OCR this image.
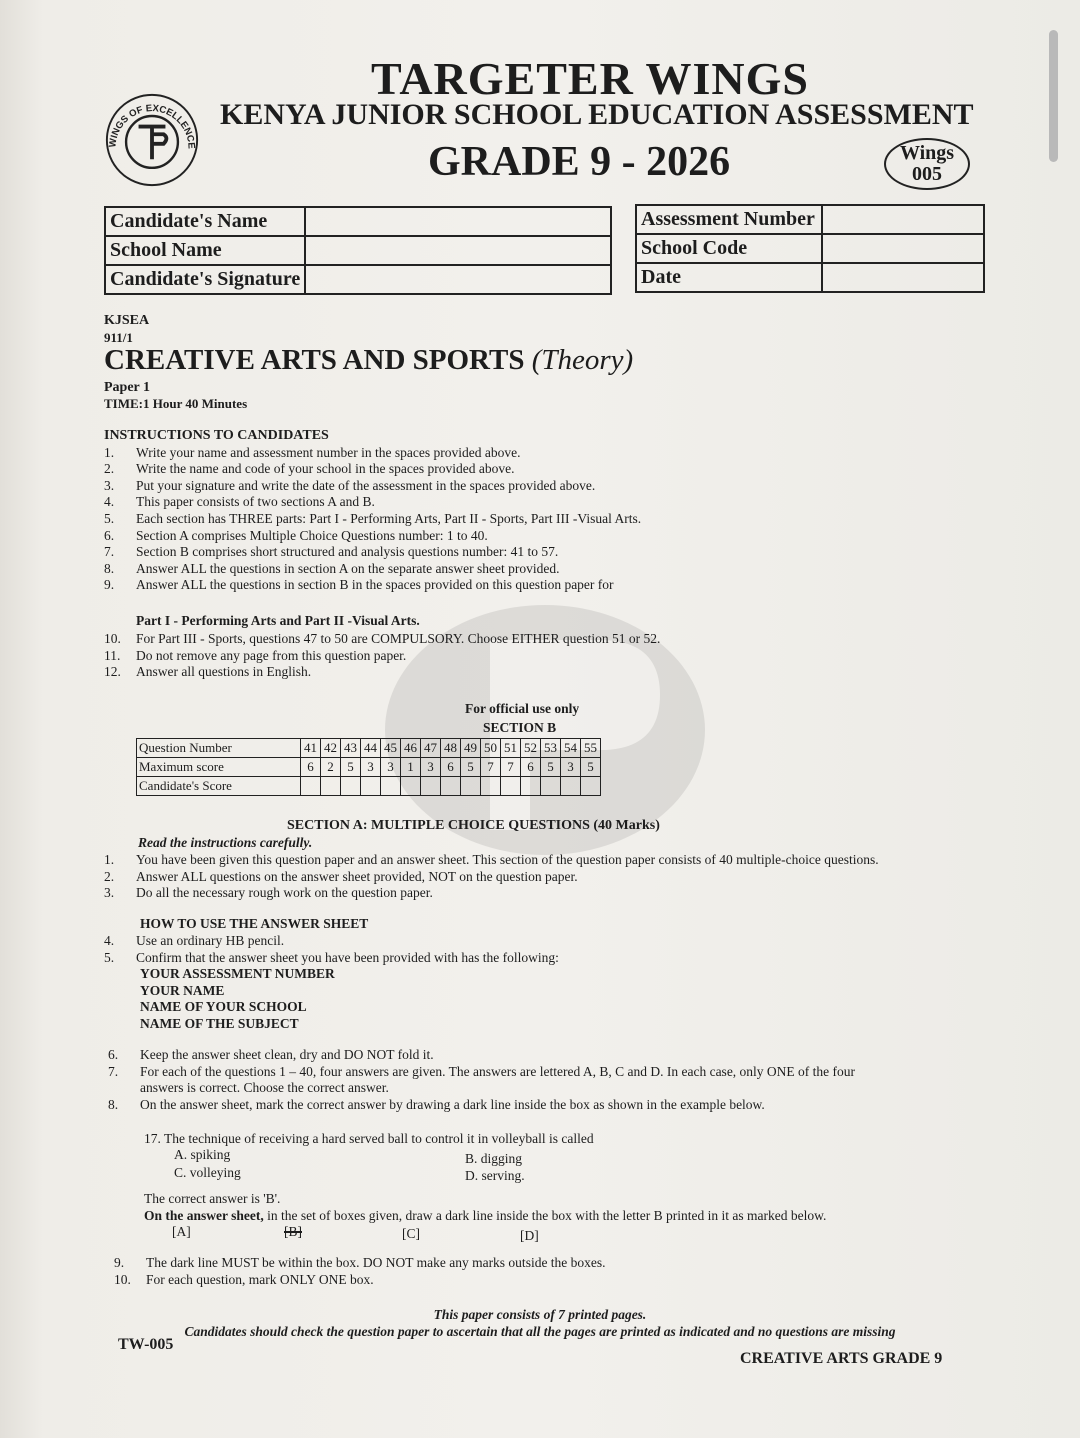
WINGS OF EXCELLENCE
TARGETER WINGS
KENYA JUNIOR SCHOOL EDUCATION ASSESSMENT
GRADE 9 - 2026	Wings
005
Candidate's Name	
School Name	
Candidate's Signature	
Assessment Number	
School Code	
Date	
KJSEA
911/1
CREATIVE ARTS AND SPORTS (Theory)
Paper 1
TIME:1 Hour 40 Minutes
INSTRUCTIONS TO CANDIDATES
1.	Write your name and assessment number in the spaces provided above.
2.	Write the name and code of your school in the spaces provided above.
3.	Put your signature and write the date of the assessment in the spaces provided above.
4.	This paper consists of two sections A and B.
5.	Each section has THREE parts: Part I - Performing Arts, Part II - Sports, Part III -Visual Arts.
6.	Section A comprises Multiple Choice Questions number: 1 to 40.
7.	Section B comprises short structured and analysis questions number: 41 to 57.
8.	Answer ALL the questions in section A on the separate answer sheet provided.
9.	Answer ALL the questions in section B in the spaces provided on this question paper for
Part I - Performing Arts and Part II -Visual Arts.
10.	For Part III - Sports, questions 47 to 50 are COMPULSORY. Choose EITHER question 51 or 52.
11.	Do not remove any page from this question paper.
12.	Answer all questions in English.
For official use only
SECTION B
Question Number	41	42	43	44	45	46	47	48	49	50	51	52	53	54	55
Maximum score	6	2	5	3	3	1	3	6	5	7	7	6	5	3	5
Candidate's Score															
SECTION A: MULTIPLE CHOICE QUESTIONS (40 Marks)
Read the instructions carefully.
1.	You have been given this question paper and an answer sheet. This section of the question paper consists of 40 multiple-choice questions.
2.	Answer ALL questions on the answer sheet provided, NOT on the question paper.
3.	Do all the necessary rough work on the question paper.
HOW TO USE THE ANSWER SHEET
4.	Use an ordinary HB pencil.
5.	Confirm that the answer sheet you have been provided with has the following:
YOUR ASSESSMENT NUMBER
YOUR NAME
NAME OF YOUR SCHOOL
NAME OF THE SUBJECT
6.	Keep the answer sheet clean, dry and DO NOT fold it.
7.	For each of the questions 1 – 40, four answers are given. The answers are lettered A, B, C and D. In each case, only ONE of the four
answers is correct. Choose the correct answer.
8.	On the answer sheet, mark the correct answer by drawing a dark line inside the box as shown in the example below.
17. The technique of receiving a hard served ball to control it in volleyball is called
A. spiking	B. digging
C. volleying	D. serving.
The correct answer is 'B'.
On the answer sheet, in the set of boxes given, draw a dark line inside the box with the letter B printed in it as marked below.
[A]	[B]	[C]	[D]
9.	The dark line MUST be within the box. DO NOT make any marks outside the boxes.
10.	For each question, mark ONLY ONE box.
This paper consists of 7 printed pages.
Candidates should check the question paper to ascertain that all the pages are printed as indicated and no questions are missing
TW-005
CREATIVE ARTS GRADE 9
